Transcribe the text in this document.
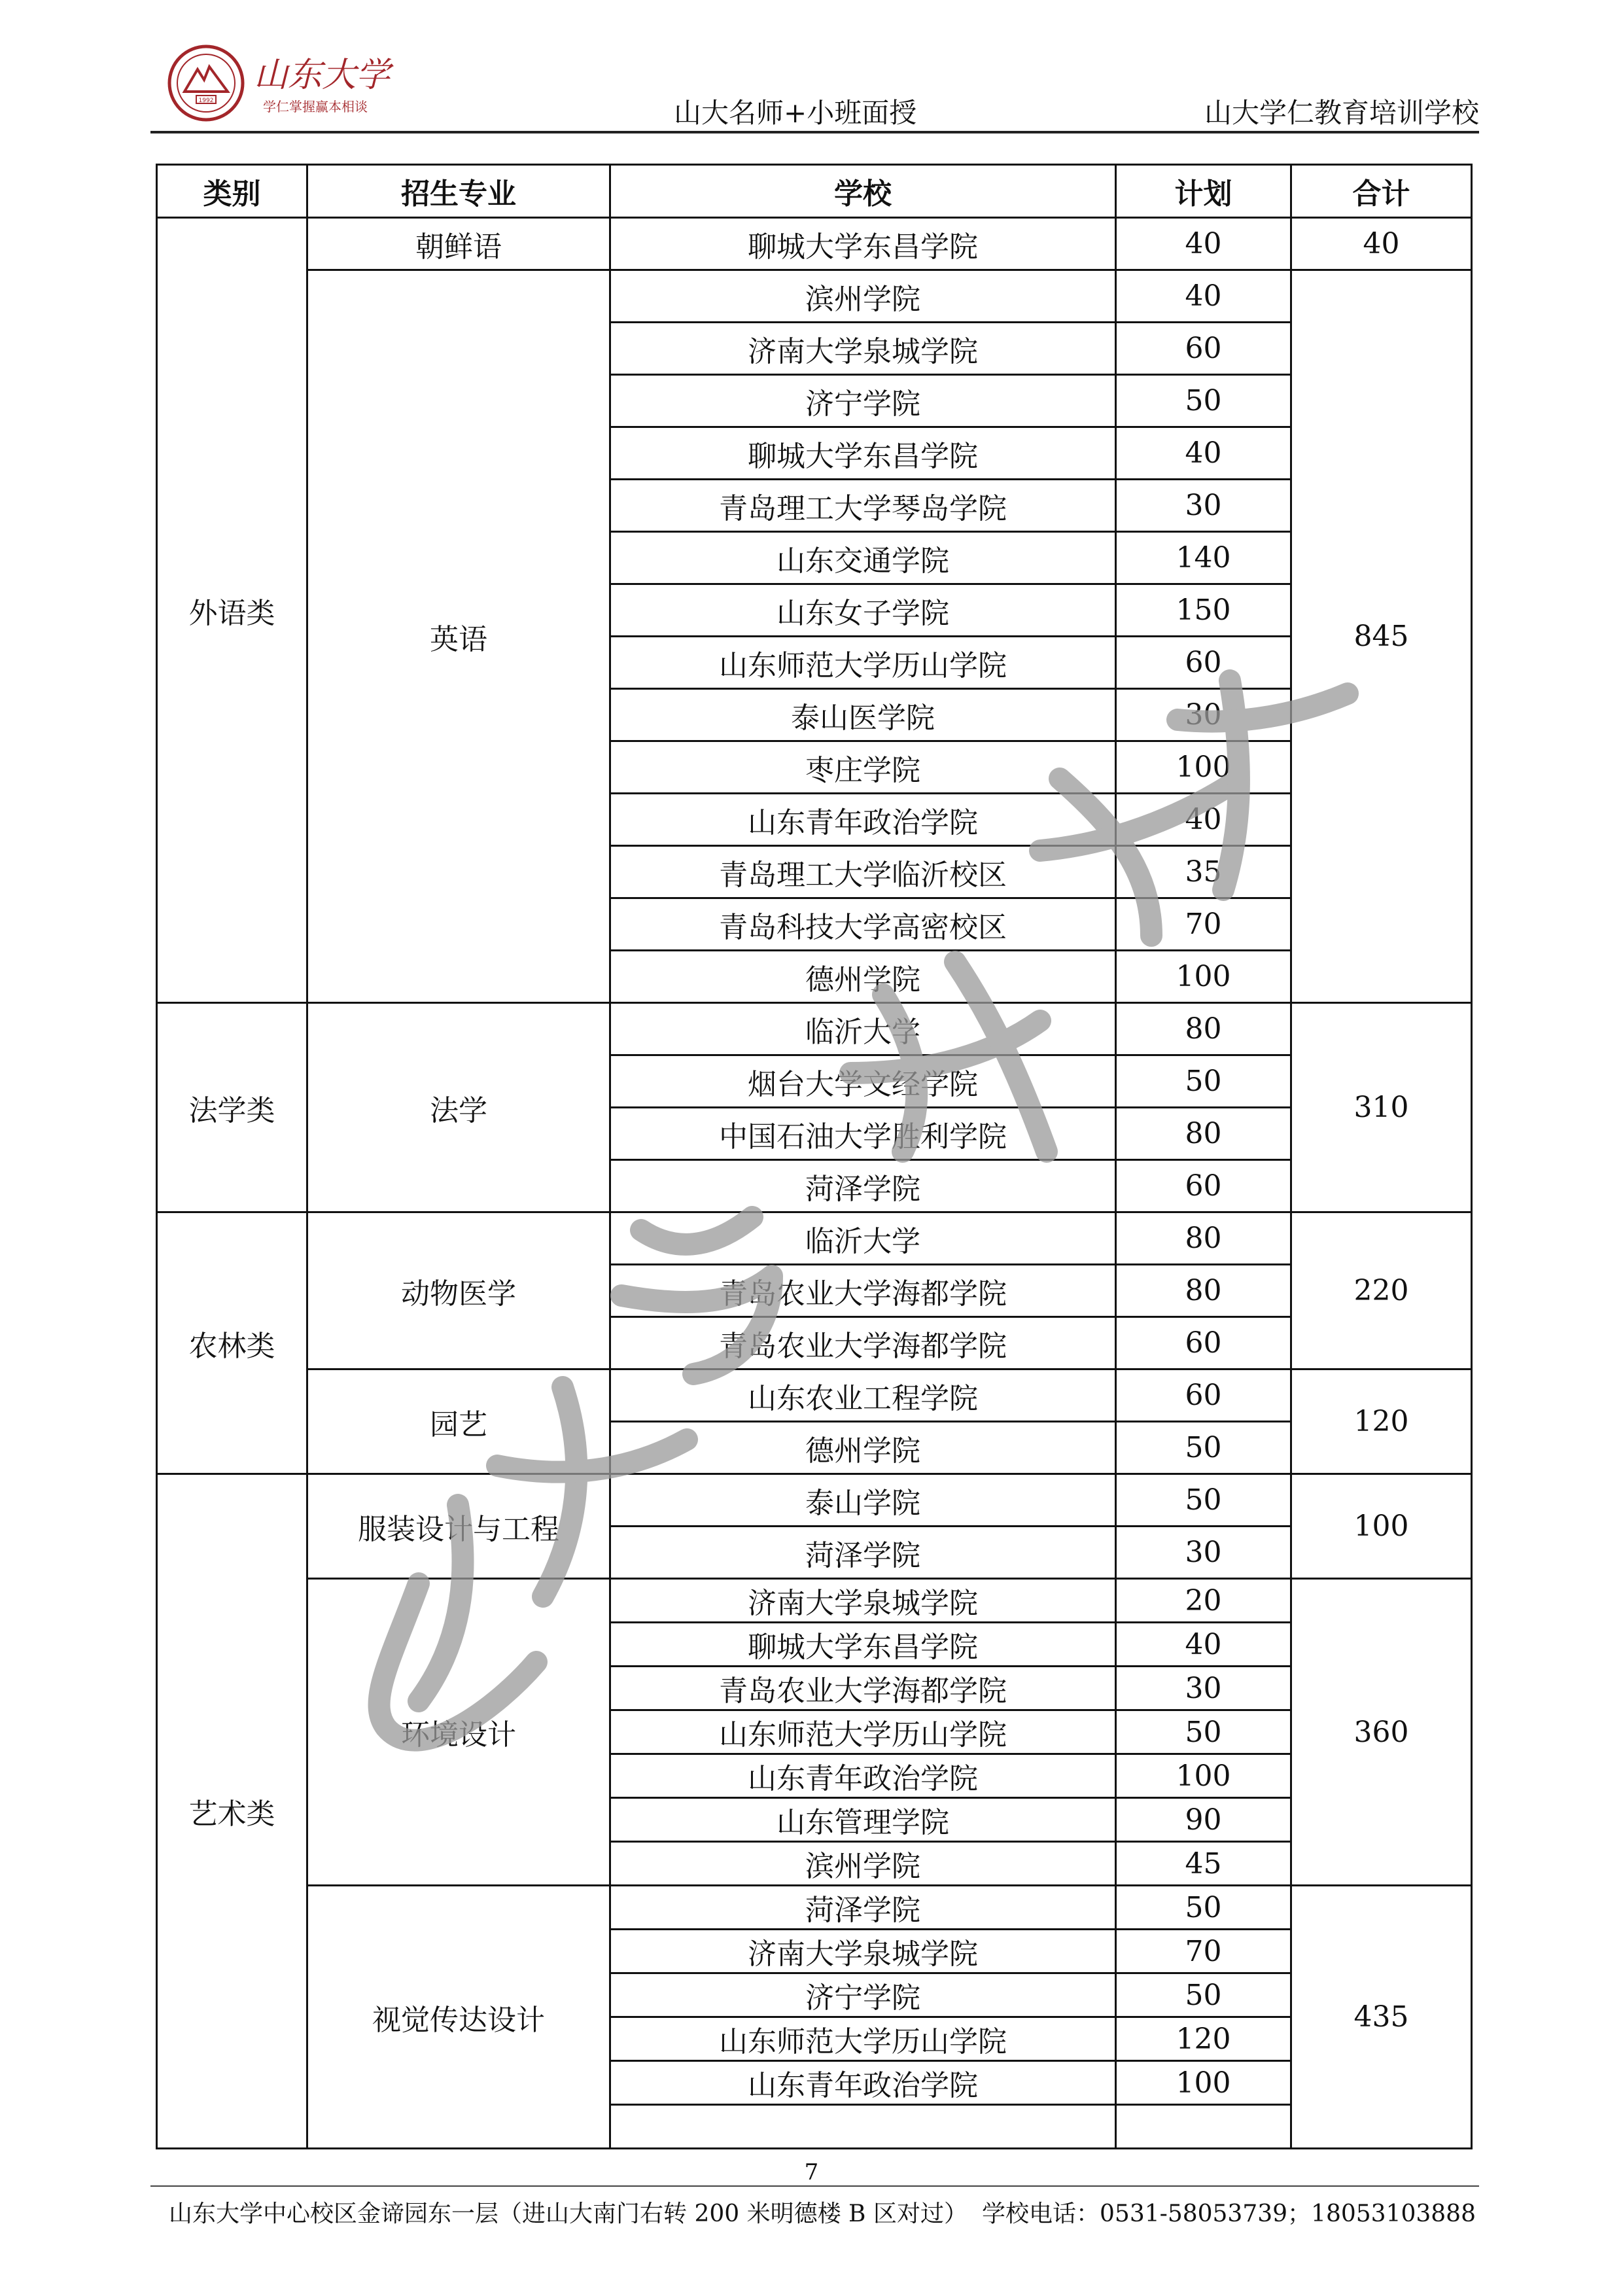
1992
山东大学
学仁掌握赢本相谈	山大名师+小班面授	山大学仁教育培训学校
类别	招生专业	学校	计划	合计
外语类	朝鲜语	聊城大学东昌学院	40	40
	英语	滨州学院	40	845
		济南大学泉城学院	60	
		济宁学院	50	
		聊城大学东昌学院	40	
		青岛理工大学琴岛学院	30	
		山东交通学院	140	
		山东女子学院	150	
		山东师范大学历山学院	60	
		泰山医学院	30	
		枣庄学院	100	
		山东青年政治学院	40	
		青岛理工大学临沂校区	35	
		青岛科技大学高密校区	70	
		德州学院	100	
法学类	法学	临沂大学	80	310
		烟台大学文经学院	50	
		中国石油大学胜利学院	80	
		菏泽学院	60	
农林类	动物医学	临沂大学	80	220
		青岛农业大学海都学院	80	
		青岛农业大学海都学院	60	
	园艺	山东农业工程学院	60	120
		德州学院	50	
艺术类	服装设计与工程	泰山学院	50	100
		菏泽学院	30	
	环境设计	济南大学泉城学院	20	360
		聊城大学东昌学院	40	
		青岛农业大学海都学院	30	
		山东师范大学历山学院	50	
		山东青年政治学院	100	
		山东管理学院	90	
		滨州学院	45	
	视觉传达设计	菏泽学院	50	435
		济南大学泉城学院	70	
		济宁学院	50	
		山东师范大学历山学院	120	
		山东青年政治学院	100	

7
山东大学中心校区金谛园东一层（进山大南门右转 200 米明德楼 B 区对过） 学校电话：0531-58053739；18053103888
